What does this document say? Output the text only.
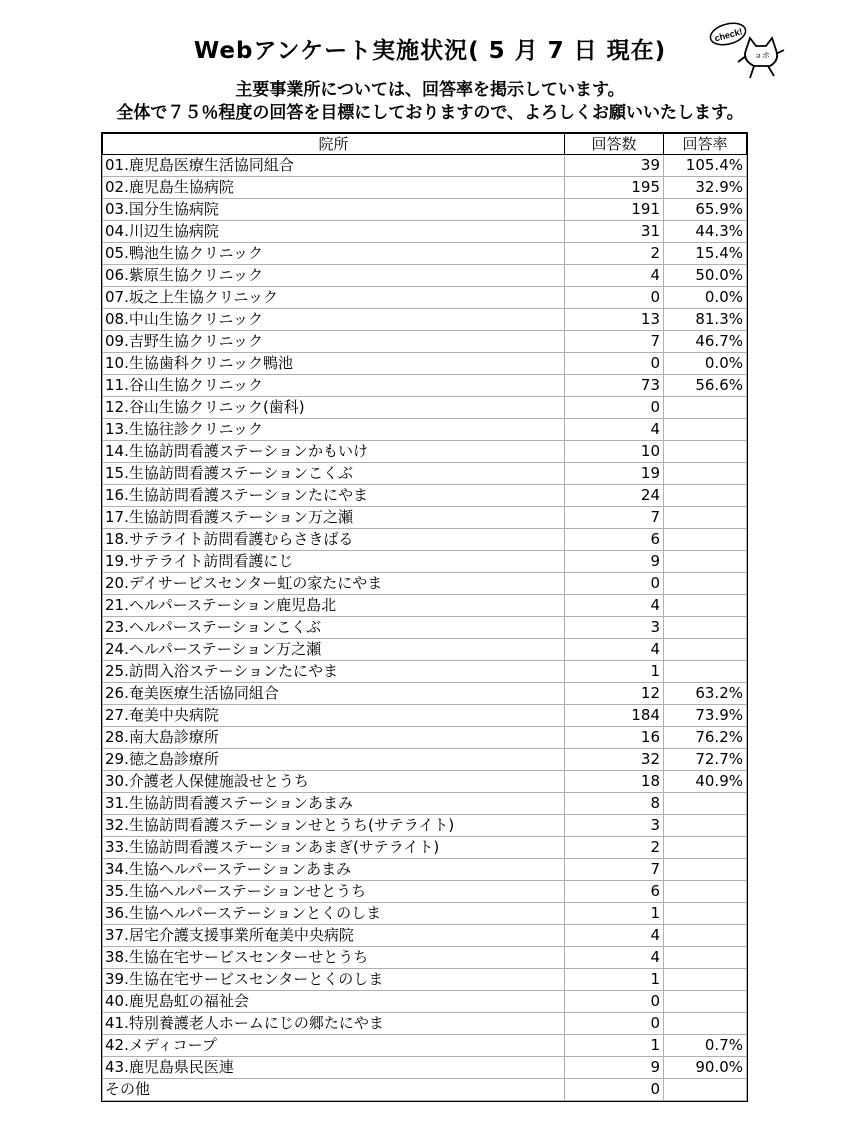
Webアンケート実施状況( 5 月 7 日 現在)
主要事業所については、回答率を掲示しています。
全体で７５％程度の回答を目標にしておりますので、よろしくお願いいたします。
check!
ョホ
院所	回答数	回答率
01.鹿児島医療生活協同組合	39	105.4%
02.鹿児島生協病院	195	32.9%
03.国分生協病院	191	65.9%
04.川辺生協病院	31	44.3%
05.鴨池生協クリニック	2	15.4%
06.紫原生協クリニック	4	50.0%
07.坂之上生協クリニック	0	0.0%
08.中山生協クリニック	13	81.3%
09.吉野生協クリニック	7	46.7%
10.生協歯科クリニック鴨池	0	0.0%
11.谷山生協クリニック	73	56.6%
12.谷山生協クリニック(歯科)	0	
13.生協往診クリニック	4	
14.生協訪問看護ステーションかもいけ	10	
15.生協訪問看護ステーションこくぶ	19	
16.生協訪問看護ステーションたにやま	24	
17.生協訪問看護ステーション万之瀬	7	
18.サテライト訪問看護むらさきばる	6	
19.サテライト訪問看護にじ	9	
20.デイサービスセンター虹の家たにやま	0	
21.ヘルパーステーション鹿児島北	4	
23.ヘルパーステーションこくぶ	3	
24.ヘルパーステーション万之瀬	4	
25.訪問入浴ステーションたにやま	1	
26.奄美医療生活協同組合	12	63.2%
27.奄美中央病院	184	73.9%
28.南大島診療所	16	76.2%
29.徳之島診療所	32	72.7%
30.介護老人保健施設せとうち	18	40.9%
31.生協訪問看護ステーションあまみ	8	
32.生協訪問看護ステーションせとうち(サテライト)	3	
33.生協訪問看護ステーションあまぎ(サテライト)	2	
34.生協ヘルパーステーションあまみ	7	
35.生協ヘルパーステーションせとうち	6	
36.生協ヘルパーステーションとくのしま	1	
37.居宅介護支援事業所奄美中央病院	4	
38.生協在宅サービスセンターせとうち	4	
39.生協在宅サービスセンターとくのしま	1	
40.鹿児島虹の福祉会	0	
41.特別養護老人ホームにじの郷たにやま	0	
42.メディコープ	1	0.7%
43.鹿児島県民医連	9	90.0%
その他	0	
